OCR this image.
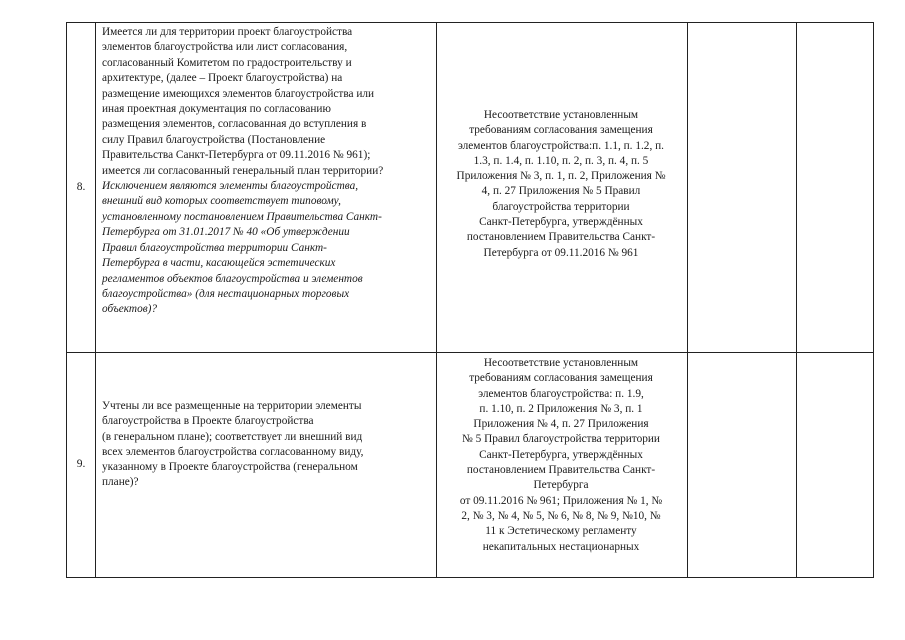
8.
Имеется ли для территории проект благоустройства
элементов благоустройства или лист согласования,
согласованный Комитетом по градостроительству и
архитектуре, (далее – Проект благоустройства) на
размещение имеющихся элементов благоустройства или
иная проектная документация по согласованию
размещения элементов, согласованная до вступления в
силу Правил благоустройства (Постановление
Правительства Санкт-Петербурга от 09.11.2016 № 961);
имеется ли согласованный генеральный план территории?
Исключением являются элементы благоустройства,
внешний вид которых соответствует типовому,
установленному постановлением Правительства Санкт-
Петербурга от 31.01.2017 № 40 «Об утверждении
Правил благоустройства территории Санкт-
Петербурга в части, касающейся эстетических
регламентов объектов благоустройства и элементов
благоустройства» (для нестационарных торговых
объектов)?
Несоответствие установленным
требованиям согласования замещения
элементов благоустройства:п. 1.1, п. 1.2, п.
1.3, п. 1.4, п. 1.10, п. 2, п. 3, п. 4, п. 5
Приложения № 3, п. 1, п. 2, Приложения №
4, п. 27 Приложения № 5 Правил
благоустройства территории
Санкт-Петербурга, утверждённых
постановлением Правительства Санкт-
Петербурга от 09.11.2016 № 961
9.
Учтены ли все размещенные на территории элементы
благоустройства в Проекте благоустройства
(в генеральном плане); соответствует ли внешний вид
всех элементов благоустройства согласованному виду,
указанному в Проекте благоустройства (генеральном
плане)?
Несоответствие установленным
требованиям согласования замещения
элементов благоустройства: п. 1.9,
п. 1.10, п. 2 Приложения № 3, п. 1
Приложения № 4, п. 27 Приложения
№ 5 Правил благоустройства территории
Санкт-Петербурга, утверждённых
постановлением Правительства Санкт-
Петербурга
от 09.11.2016 № 961; Приложения № 1, №
2, № 3, № 4, № 5, № 6, № 8, № 9, №10, №
11 к Эстетическому регламенту
некапитальных нестационарных
